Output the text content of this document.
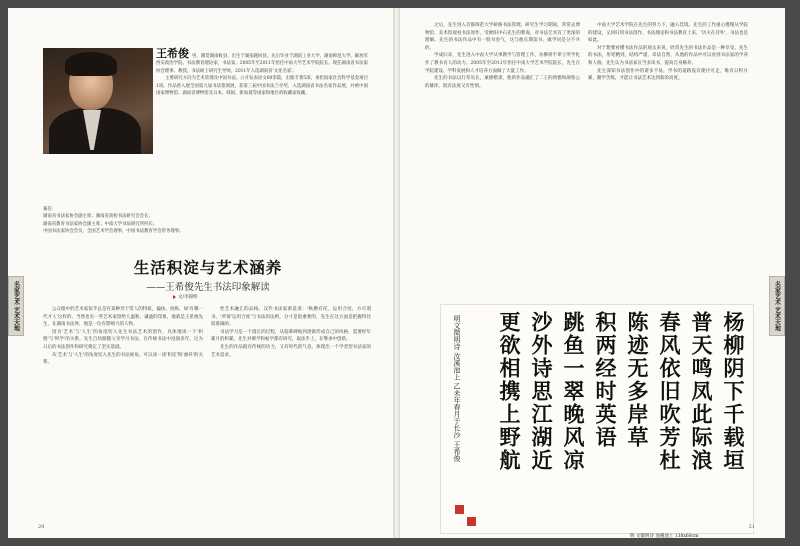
名家艺术 艺术天地
王希俊 男，籍贯湖南攸县，出生于湖南隆回县。先后毕业于湖南工业大学、湖南师范大学、解放军西安政治学院。书法教育理论家，书法家，2005年至2011年担任中南大学艺术学院院长。现任湖南省书法家协会理事、教授、书法硕士研究生导师，2011年入选湖南省'文化名家'。
主要研究方向为艺术管理及中国书法。公开发表论文60余篇，出版专著5部，承担国家社会科学基金项目1项。作品曾入展全国第九届书法篆刻展，获第三届中国书法兰亭奖，入选湖南省书法名家作品展，并被中国国家博物馆、湖南省博物馆及日本、韩国、新加坡等国家和地区的收藏家收藏。

兼任：

湖南省书法家协会副主席；湖南省高校书法研究会会长；

湖南省教育书法家协会副主席；中南大学书法研究所所长；

中国书法家协会会员，全国艺术学会理事，中国书法教育学会常务理事。

生活积淀与艺术涵养
——王希俊先生书法印象解读
文/李锦明

公众眼中的艺术家似乎总是有某种异于常人的特质，偏执、放纵，如'有哪一代才人'这样的，当然也有一些艺术家留给人温和、谦逊的印象，他就是王希俊先生，在湖南书法界，他是一位有影响力的人物。

因为'艺术'与'人生'的角度切入先生书法艺术的创作，具体地谈一下'积德'与'积学'的关系。先生自幼跟随父亲学习书法，在传统书法中浸润多年，这为日后的书法创作和研究奠定了坚实基础。

从'艺术'与'人生'的角度切入先生的书法视角，可以谈一谈'积淀'和'涵养'的关系。

性艺术融汇的品格。汉代书法家蔡邕说：'纵横有托，运用合度，方可谓书。'所谓'运用合度'与书法的法则，分寸是很重要的，先生在这方面是把握得比较准确的。

书法学习是一个漫长的过程，从临摹碑帖到逐渐形成自己的风格，需要经年累月的积累。先生对碑学和帖学都有研究，取法乎上，在继承中创新。

先生的作品既有传统的功力，又有时代的气息，体现出一个学者型书法家的艺术追求。

29
名家艺术 艺术天地

之后，先生进入首都师范大学研修书法管理，研究生学习期间，常常去博物馆、美术馆观看书法原作，受欧阳中石先生的教诲，对书法艺术有了更深的理解。先生的书法作品中有一股书卷气，这与他长期读书、做学问是分不开的。

学成归来，先生进入中南大学从事教学与管理工作，仿佛将半辈子所学化作了教书育人的动力。2005年至2011年担任中南大学艺术学院院长，先生在学院建设、学科发展和人才培养方面做了大量工作。

先生的书法以行草见长，兼擅楷隶，他的作品融汇了二王的典雅和颜鲁公的雄浑，既有法度又有性情。

中南大学艺术学院在先生的努力下，融入佳境。先生的工作重心慢慢从学院的建设，又回归到书法创作、书法理论和书法教育上来，'功夫在诗外'，书法也是如此。

对于想要看懂书法作品的观众来说，欣赏先生的书法作品是一种享受。先生的书法，用笔精到，结构严谨，章法自然，从他的作品中可以看到书法家的学养和人格。先生认为书法家应当多读书，提高自身修养。

先生深知书法创作中的诸多不易，学书的道路没有捷径可走，唯有日积月累、勤学苦练，才能让书法艺术达到新的高度。

杨柳阴下千载垣
普天鸣凤此际浪
春风依旧吹芳杜
陈迹无多岸草
积两经时英语
跳鱼一翠晚风凉
沙外诗思江湖近
更欲相携上野航
明文徵明诗 汝溪池上 乙未年春月于长沙 王希俊
明 文徵明诗 池溪池上 138x68cm
21
